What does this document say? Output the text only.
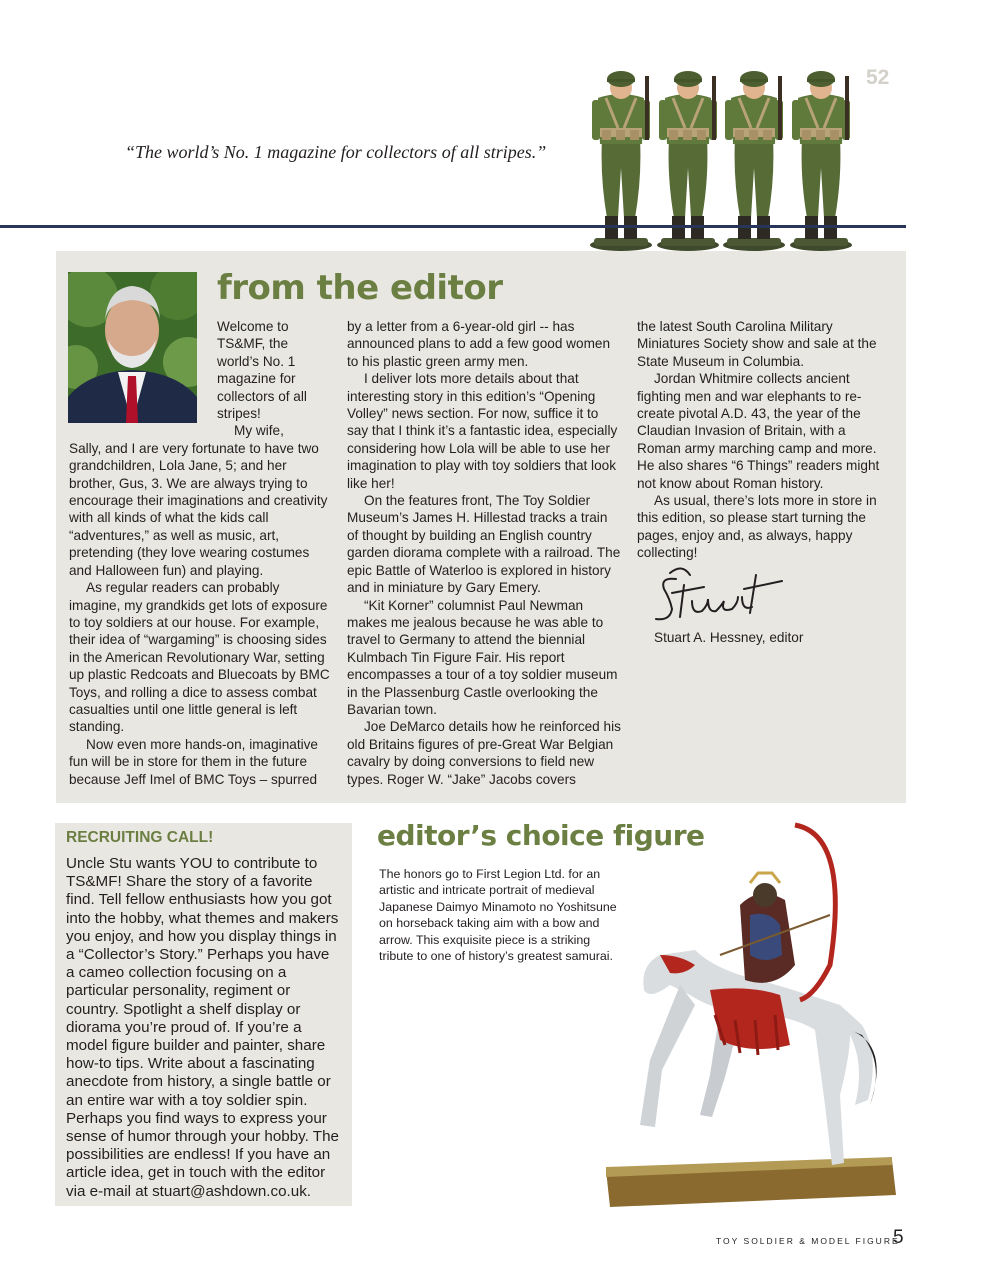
52
“The world’s No. 1 magazine for collectors of all stripes.”
from the editor

Welcome to TS&MF, the world’s No. 1 magazine for collectors of all stripes!

My wife,

Sally, and I are very fortunate to have two grandchildren, Lola Jane, 5; and her brother, Gus, 3. We are always trying to encourage their imaginations and creativity with all kinds of what the kids call “adventures,” as well as music, art, pretending (they love wearing costumes and Halloween fun) and playing.

As regular readers can probably imagine, my grandkids get lots of exposure to toy soldiers at our house. For example, their idea of “wargaming” is choosing sides in the American Revolutionary War, setting up plastic Redcoats and Bluecoats by BMC Toys, and rolling a dice to assess combat casualties until one little general is left standing.

Now even more hands-on, imaginative fun will be in store for them in the future because Jeff Imel of BMC Toys – spurred

by a letter from a 6-year-old girl -- has announced plans to add a few good women to his plastic green army men.

I deliver lots more details about that interesting story in this edition’s “Opening Volley” news section. For now, suffice it to say that I think it’s a fantastic idea, especially considering how Lola will be able to use her imagination to play with toy soldiers that look like her!

On the features front, The Toy Soldier Museum’s James H. Hillestad tracks a train of thought by building an English country garden diorama complete with a railroad. The epic Battle of Waterloo is explored in history and in miniature by Gary Emery.

“Kit Korner” columnist Paul Newman makes me jealous because he was able to travel to Germany to attend the biennial Kulmbach Tin Figure Fair. His report encompasses a tour of a toy soldier museum in the Plassenburg Castle overlooking the Bavarian town.

Joe DeMarco details how he reinforced his old Britains figures of pre-Great War Belgian cavalry by doing conversions to field new types. Roger W. “Jake” Jacobs covers

the latest South Carolina Military Miniatures Society show and sale at the State Museum in Columbia.

Jordan Whitmire collects ancient fighting men and war elephants to re-create pivotal A.D. 43, the year of the Claudian Invasion of Britain, with a Roman army marching camp and more. He also shares “6 Things” readers might not know about Roman history.

As usual, there’s lots more in store in this edition, so please start turning the pages, enjoy and, as always, happy collecting!

Stuart A. Hessney, editor
RECRUITING CALL!

Uncle Stu wants YOU to contribute to TS&MF! Share the story of a favorite find. Tell fellow enthusiasts how you got into the hobby, what themes and makers you enjoy, and how you display things in a “Collector’s Story.” Perhaps you have a cameo collection focusing on a particular personality, regiment or country. Spotlight a shelf display or diorama you’re proud of. If you’re a model figure builder and painter, share how-to tips. Write about a fascinating anecdote from history, a single battle or an entire war with a toy soldier spin. Perhaps you find ways to express your sense of humor through your hobby. The possibilities are endless! If you have an article idea, get in touch with the editor via e-mail at stuart@ashdown.co.uk.

editor’s choice figure

The honors go to First Legion Ltd. for an artistic and intricate portrait of medieval Japanese Daimyo Minamoto no Yoshitsune on horseback taking aim with a bow and arrow. This exquisite piece is a striking tribute to one of history’s greatest samurai.

TOY SOLDIER & MODEL FIGURE
5
